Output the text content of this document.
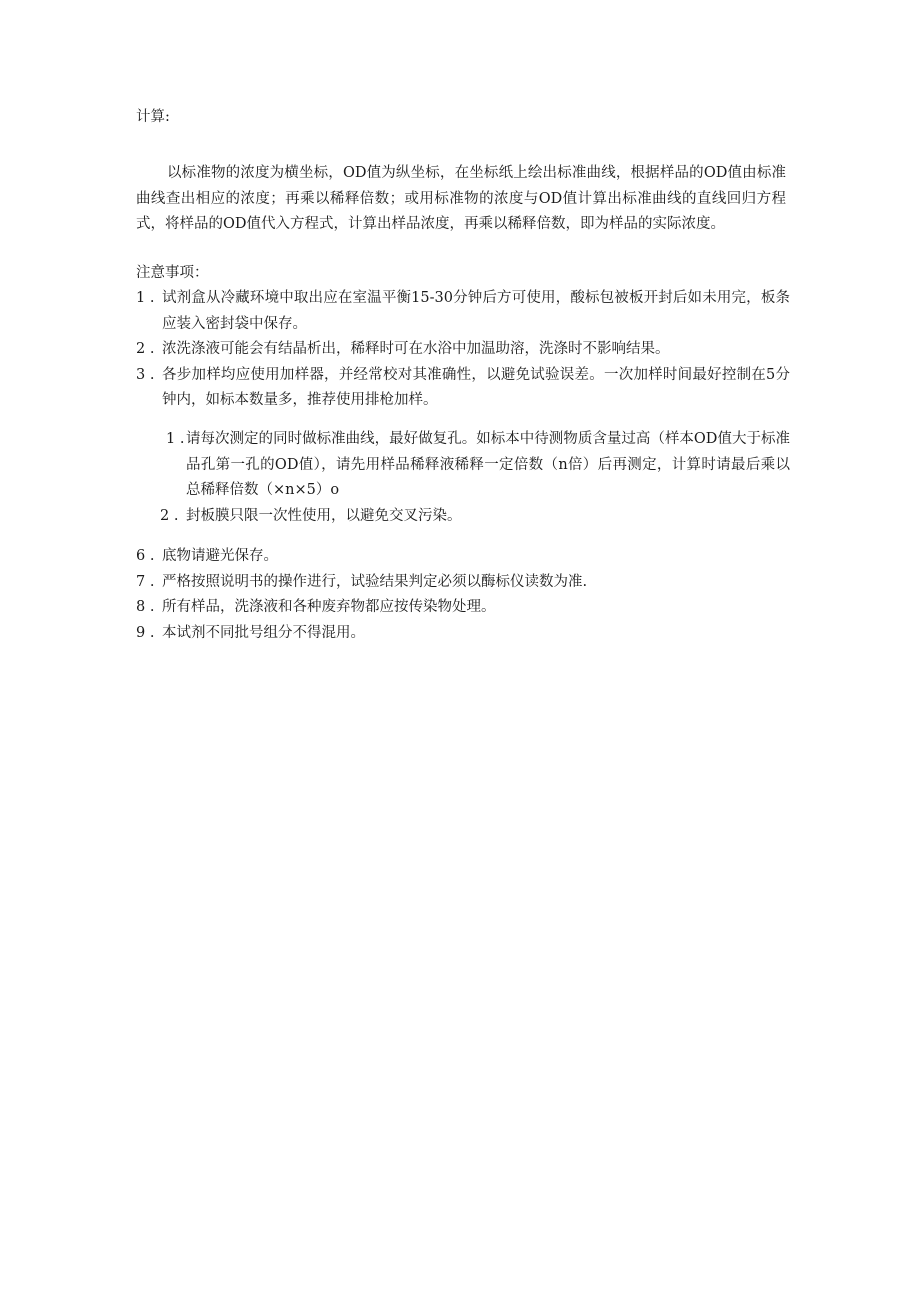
计算:
以标准物的浓度为横坐标，OD值为纵坐标，在坐标纸上绘出标准曲线，根据样品的OD值由标准曲线查出相应的浓度；再乘以稀释倍数；或用标准物的浓度与OD值计算出标准曲线的直线回归方程式，将样品的OD值代入方程式，计算出样品浓度，再乘以稀释倍数，即为样品的实际浓度。
注意事项：
1 . 试剂盒从冷藏环境中取出应在室温平衡15-30分钟后方可使用，酸标包被板开封后如未用完，板条应装入密封袋中保存。
2 . 浓洗涤液可能会有结晶析出，稀释时可在水浴中加温助溶，洗涤时不影响结果。
3 . 各步加样均应使用加样器，并经常校对其准确性，以避免试验误差。一次加样时间最好控制在5分钟内，如标本数量多，推荐使用排枪加样。
1 . 请每次测定的同时做标准曲线，最好做复孔。如标本中待测物质含量过高（样本OD值大于标准品孔第一孔的OD值），请先用样品稀释液稀释一定倍数（n倍）后再测定，计算时请最后乘以总稀释倍数（×n×5）o
2 . 封板膜只限一次性使用，以避免交叉污染。
6 . 底物请避光保存。
7 . 严格按照说明书的操作进行，试验结果判定必须以酶标仪读数为准.
8 . 所有样品，洗涤液和各种废弃物都应按传染物处理。
9 . 本试剂不同批号组分不得混用。
